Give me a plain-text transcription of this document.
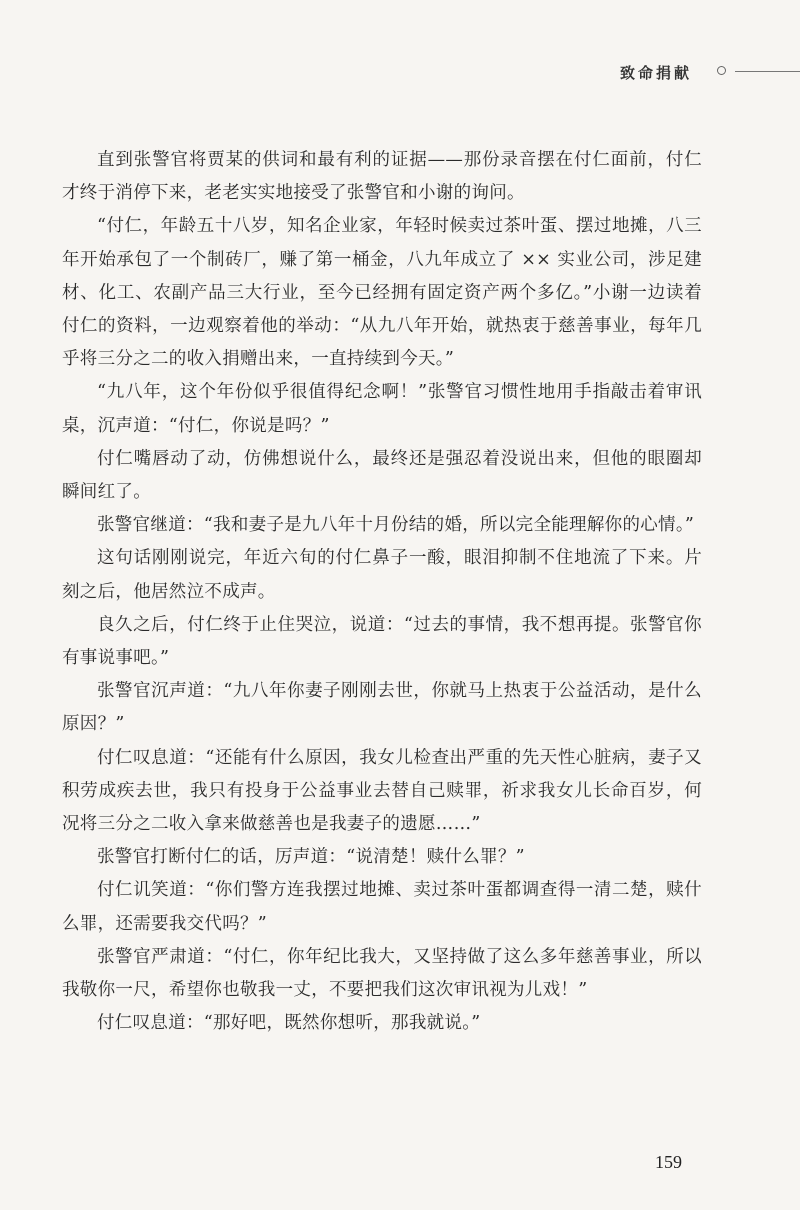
致命捐献

直到张警官将贾某的供词和最有利的证据——那份录音摆在付仁面前，付仁才终于消停下来，老老实实地接受了张警官和小谢的询问。

“付仁，年龄五十八岁，知名企业家，年轻时候卖过茶叶蛋、摆过地摊，八三年开始承包了一个制砖厂，赚了第一桶金，八九年成立了 ×× 实业公司，涉足建材、化工、农副产品三大行业，至今已经拥有固定资产两个多亿。”小谢一边读着付仁的资料，一边观察着他的举动：“从九八年开始，就热衷于慈善事业，每年几乎将三分之二的收入捐赠出来，一直持续到今天。”

“九八年，这个年份似乎很值得纪念啊！”张警官习惯性地用手指敲击着审讯桌，沉声道：“付仁，你说是吗？”

付仁嘴唇动了动，仿佛想说什么，最终还是强忍着没说出来，但他的眼圈却瞬间红了。

张警官继道：“我和妻子是九八年十月份结的婚，所以完全能理解你的心情。”

这句话刚刚说完，年近六旬的付仁鼻子一酸，眼泪抑制不住地流了下来。片刻之后，他居然泣不成声。

良久之后，付仁终于止住哭泣，说道：“过去的事情，我不想再提。张警官你有事说事吧。”

张警官沉声道：“九八年你妻子刚刚去世，你就马上热衷于公益活动，是什么原因？”

付仁叹息道：“还能有什么原因，我女儿检查出严重的先天性心脏病，妻子又积劳成疾去世，我只有投身于公益事业去替自己赎罪，祈求我女儿长命百岁，何况将三分之二收入拿来做慈善也是我妻子的遗愿……”

张警官打断付仁的话，厉声道：“说清楚！赎什么罪？”

付仁讥笑道：“你们警方连我摆过地摊、卖过茶叶蛋都调查得一清二楚，赎什么罪，还需要我交代吗？”

张警官严肃道：“付仁，你年纪比我大，又坚持做了这么多年慈善事业，所以我敬你一尺，希望你也敬我一丈，不要把我们这次审讯视为儿戏！”

付仁叹息道：“那好吧，既然你想听，那我就说。”

159
